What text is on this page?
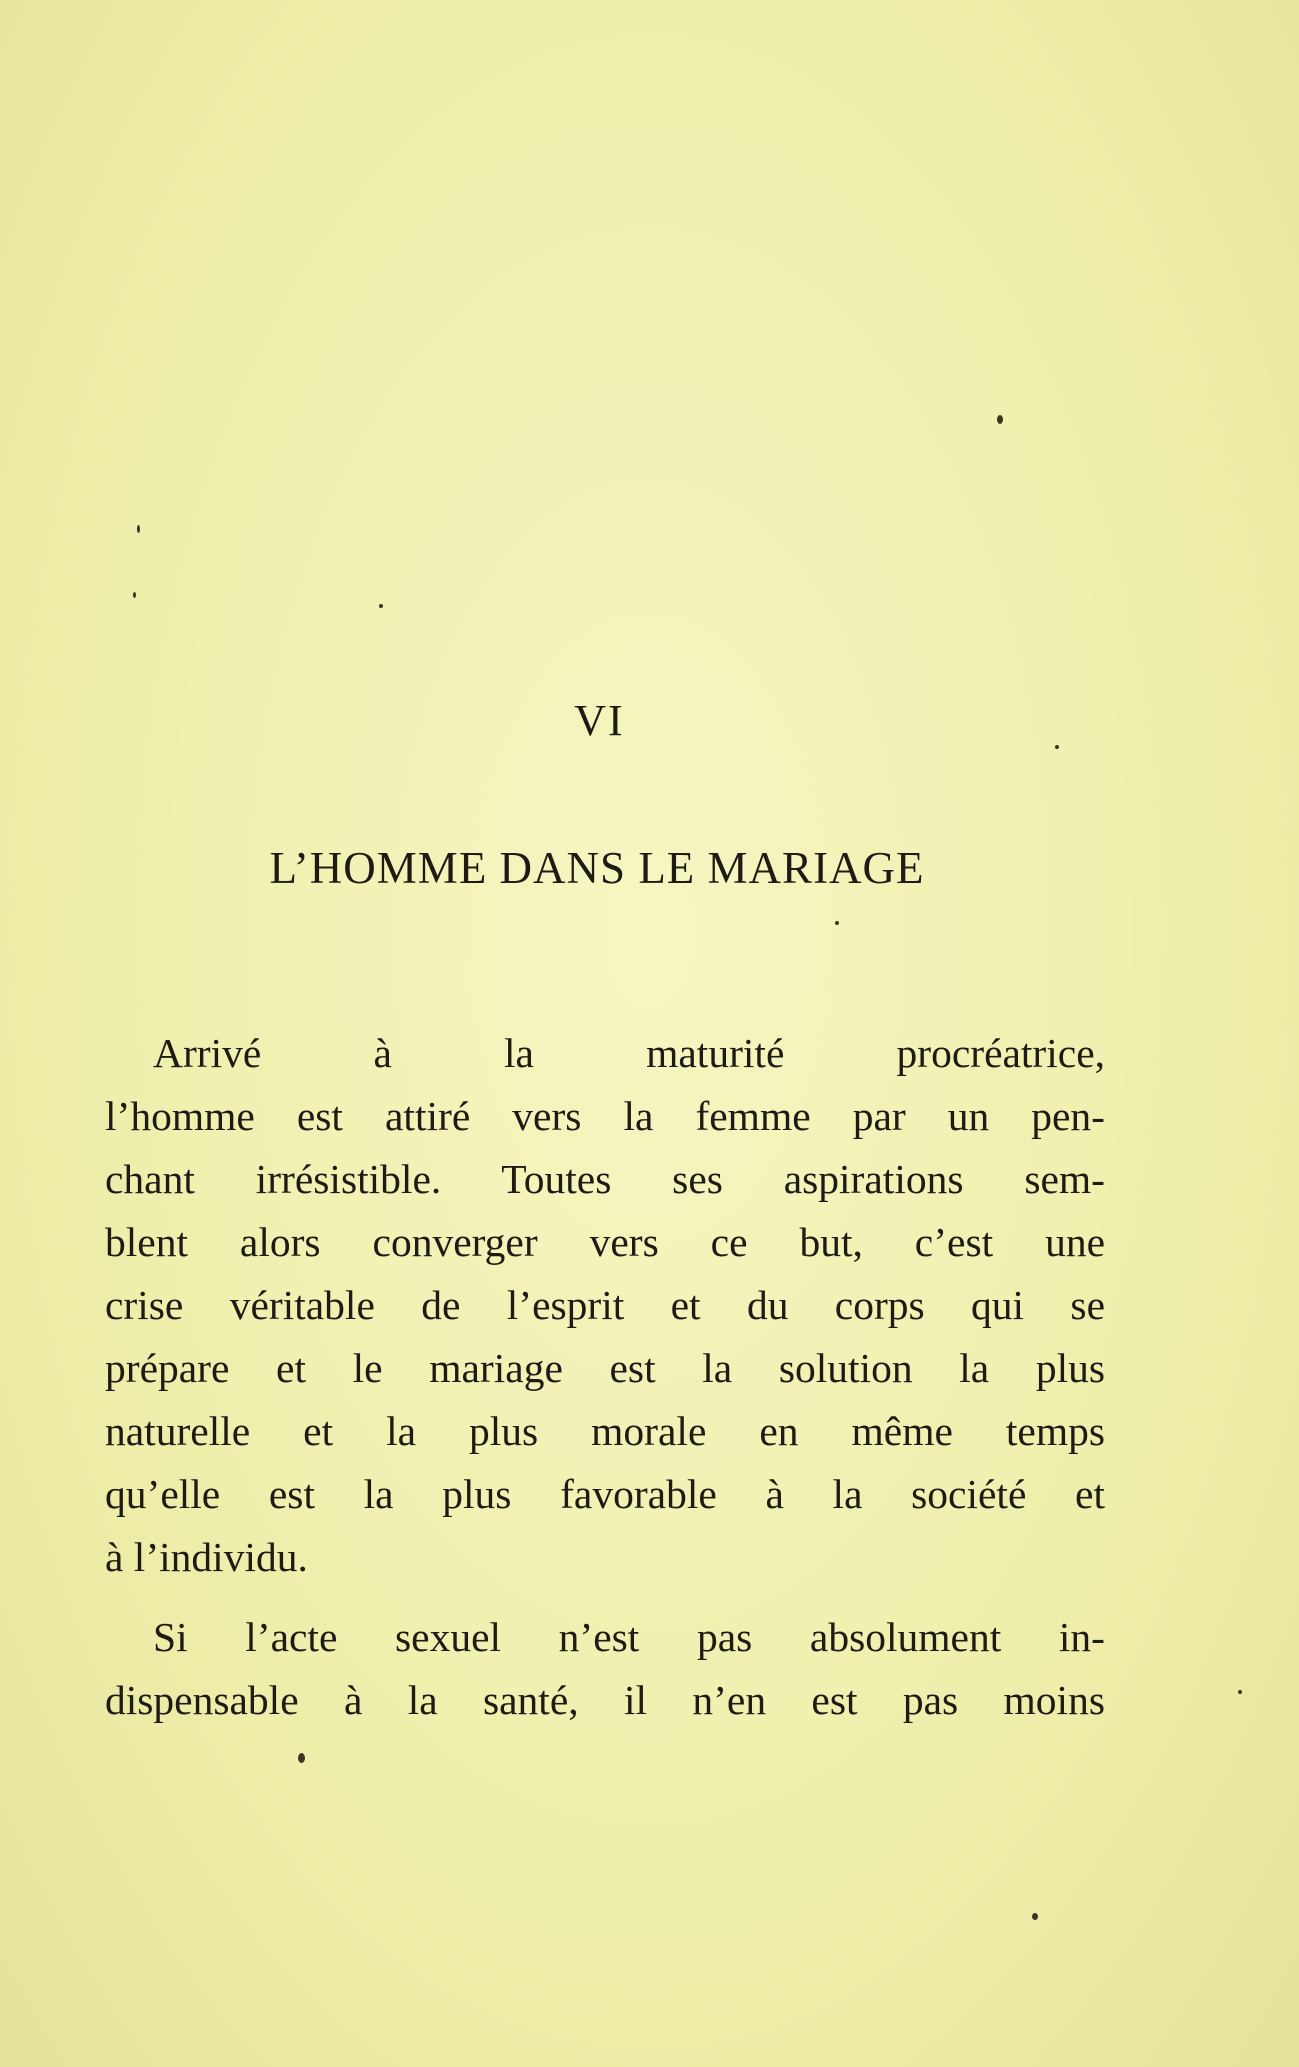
VI
L’HOMME DANS LE MARIAGE
Arrivé à la maturité procréatrice,
l’homme est attiré vers la femme par un pen-
chant irrésistible. Toutes ses aspirations sem-
blent alors converger vers ce but, c’est une
crise véritable de l’esprit et du corps qui se
prépare et le mariage est la solution la plus
naturelle et la plus morale en même temps
qu’elle est la plus favorable à la société et
à l’individu.
Si l’acte sexuel n’est pas absolument in-
dispensable à la santé, il n’en est pas moins
